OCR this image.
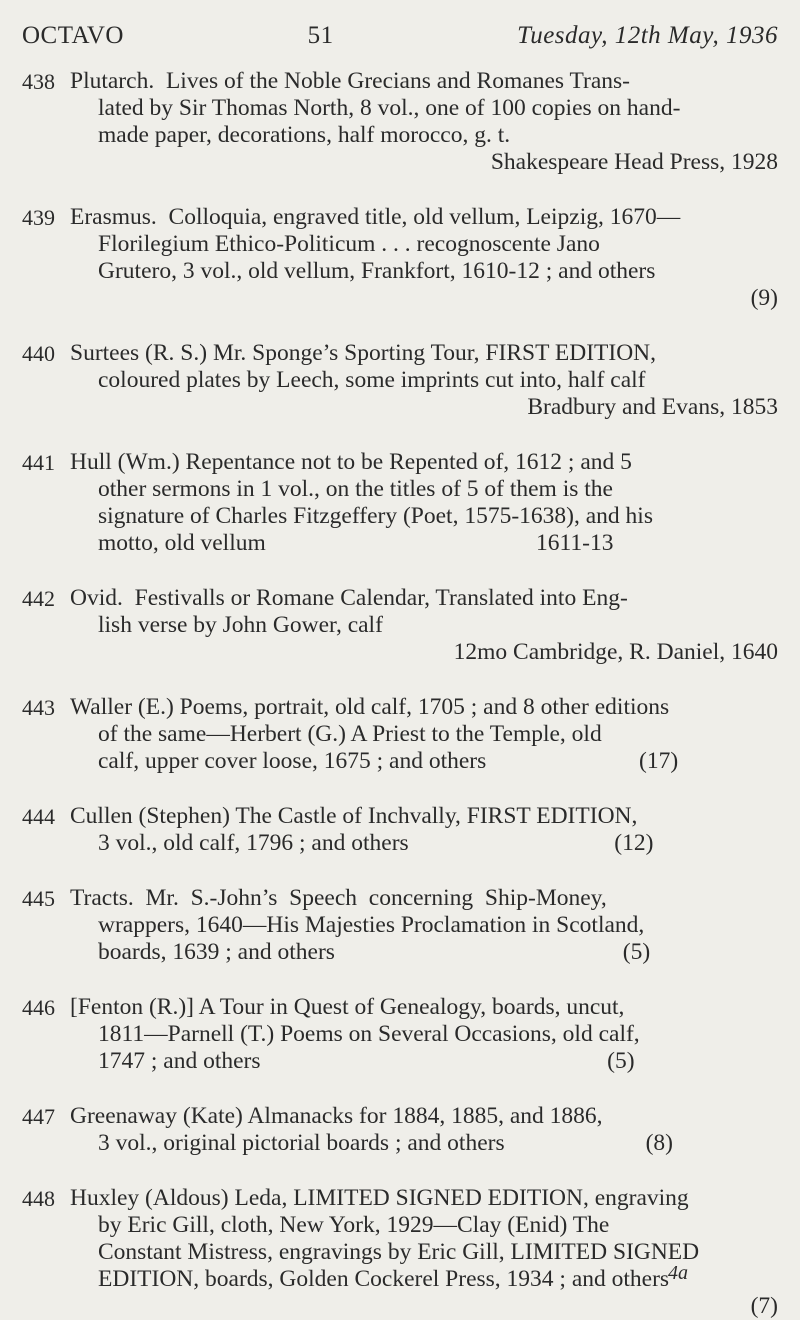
OCTAVO	51	Tuesday, 12th May, 1936
438 Plutarch.  Lives of the Noble Grecians and Romanes Trans-
lated by Sir Thomas North, 8 vol., one of 100 copies on hand-
made paper, decorations, half morocco, g. t.
Shakespeare Head Press, 1928
439 Erasmus.  Colloquia, engraved title, old vellum, Leipzig, 1670—
Florilegium Ethico-Politicum . . . recognoscente Jano
Grutero, 3 vol., old vellum, Frankfort, 1610-12 ; and others
(9)
440 Surtees (R. S.) Mr. Sponge’s Sporting Tour, FIRST EDITION,
coloured plates by Leech, some imprints cut into, half calf
Bradbury and Evans, 1853
441 Hull (Wm.) Repentance not to be Repented of, 1612 ; and 5
other sermons in 1 vol., on the titles of 5 of them is the
signature of Charles Fitzgeffery (Poet, 1575-1638), and his
motto, old vellum                                              1611-13
442 Ovid.  Festivalls or Romane Calendar, Translated into Eng-
lish verse by John Gower, calf
12mo Cambridge, R. Daniel, 1640
443 Waller (E.) Poems, portrait, old calf, 1705 ; and 8 other editions
of the same—Herbert (G.) A Priest to the Temple, old
calf, upper cover loose, 1675 ; and others                          (17)
444 Cullen (Stephen) The Castle of Inchvally, FIRST EDITION,
3 vol., old calf, 1796 ; and others                                   (12)
445 Tracts.  Mr.  S.-John’s  Speech  concerning  Ship-Money,
wrappers, 1640—His Majesties Proclamation in Scotland,
boards, 1639 ; and others                                                 (5)
446 [Fenton (R.)] A Tour in Quest of Genealogy, boards, uncut,
1811—Parnell (T.) Poems on Several Occasions, old calf,
1747 ; and others                                                           (5)
447 Greenaway (Kate) Almanacks for 1884, 1885, and 1886,
3 vol., original pictorial boards ; and others                        (8)
448 Huxley (Aldous) Leda, LIMITED SIGNED EDITION, engraving
by Eric Gill, cloth, New York, 1929—Clay (Enid) The
Constant Mistress, engravings by Eric Gill, LIMITED SIGNED
EDITION, boards, Golden Cockerel Press, 1934 ; and others
(7)
4a
